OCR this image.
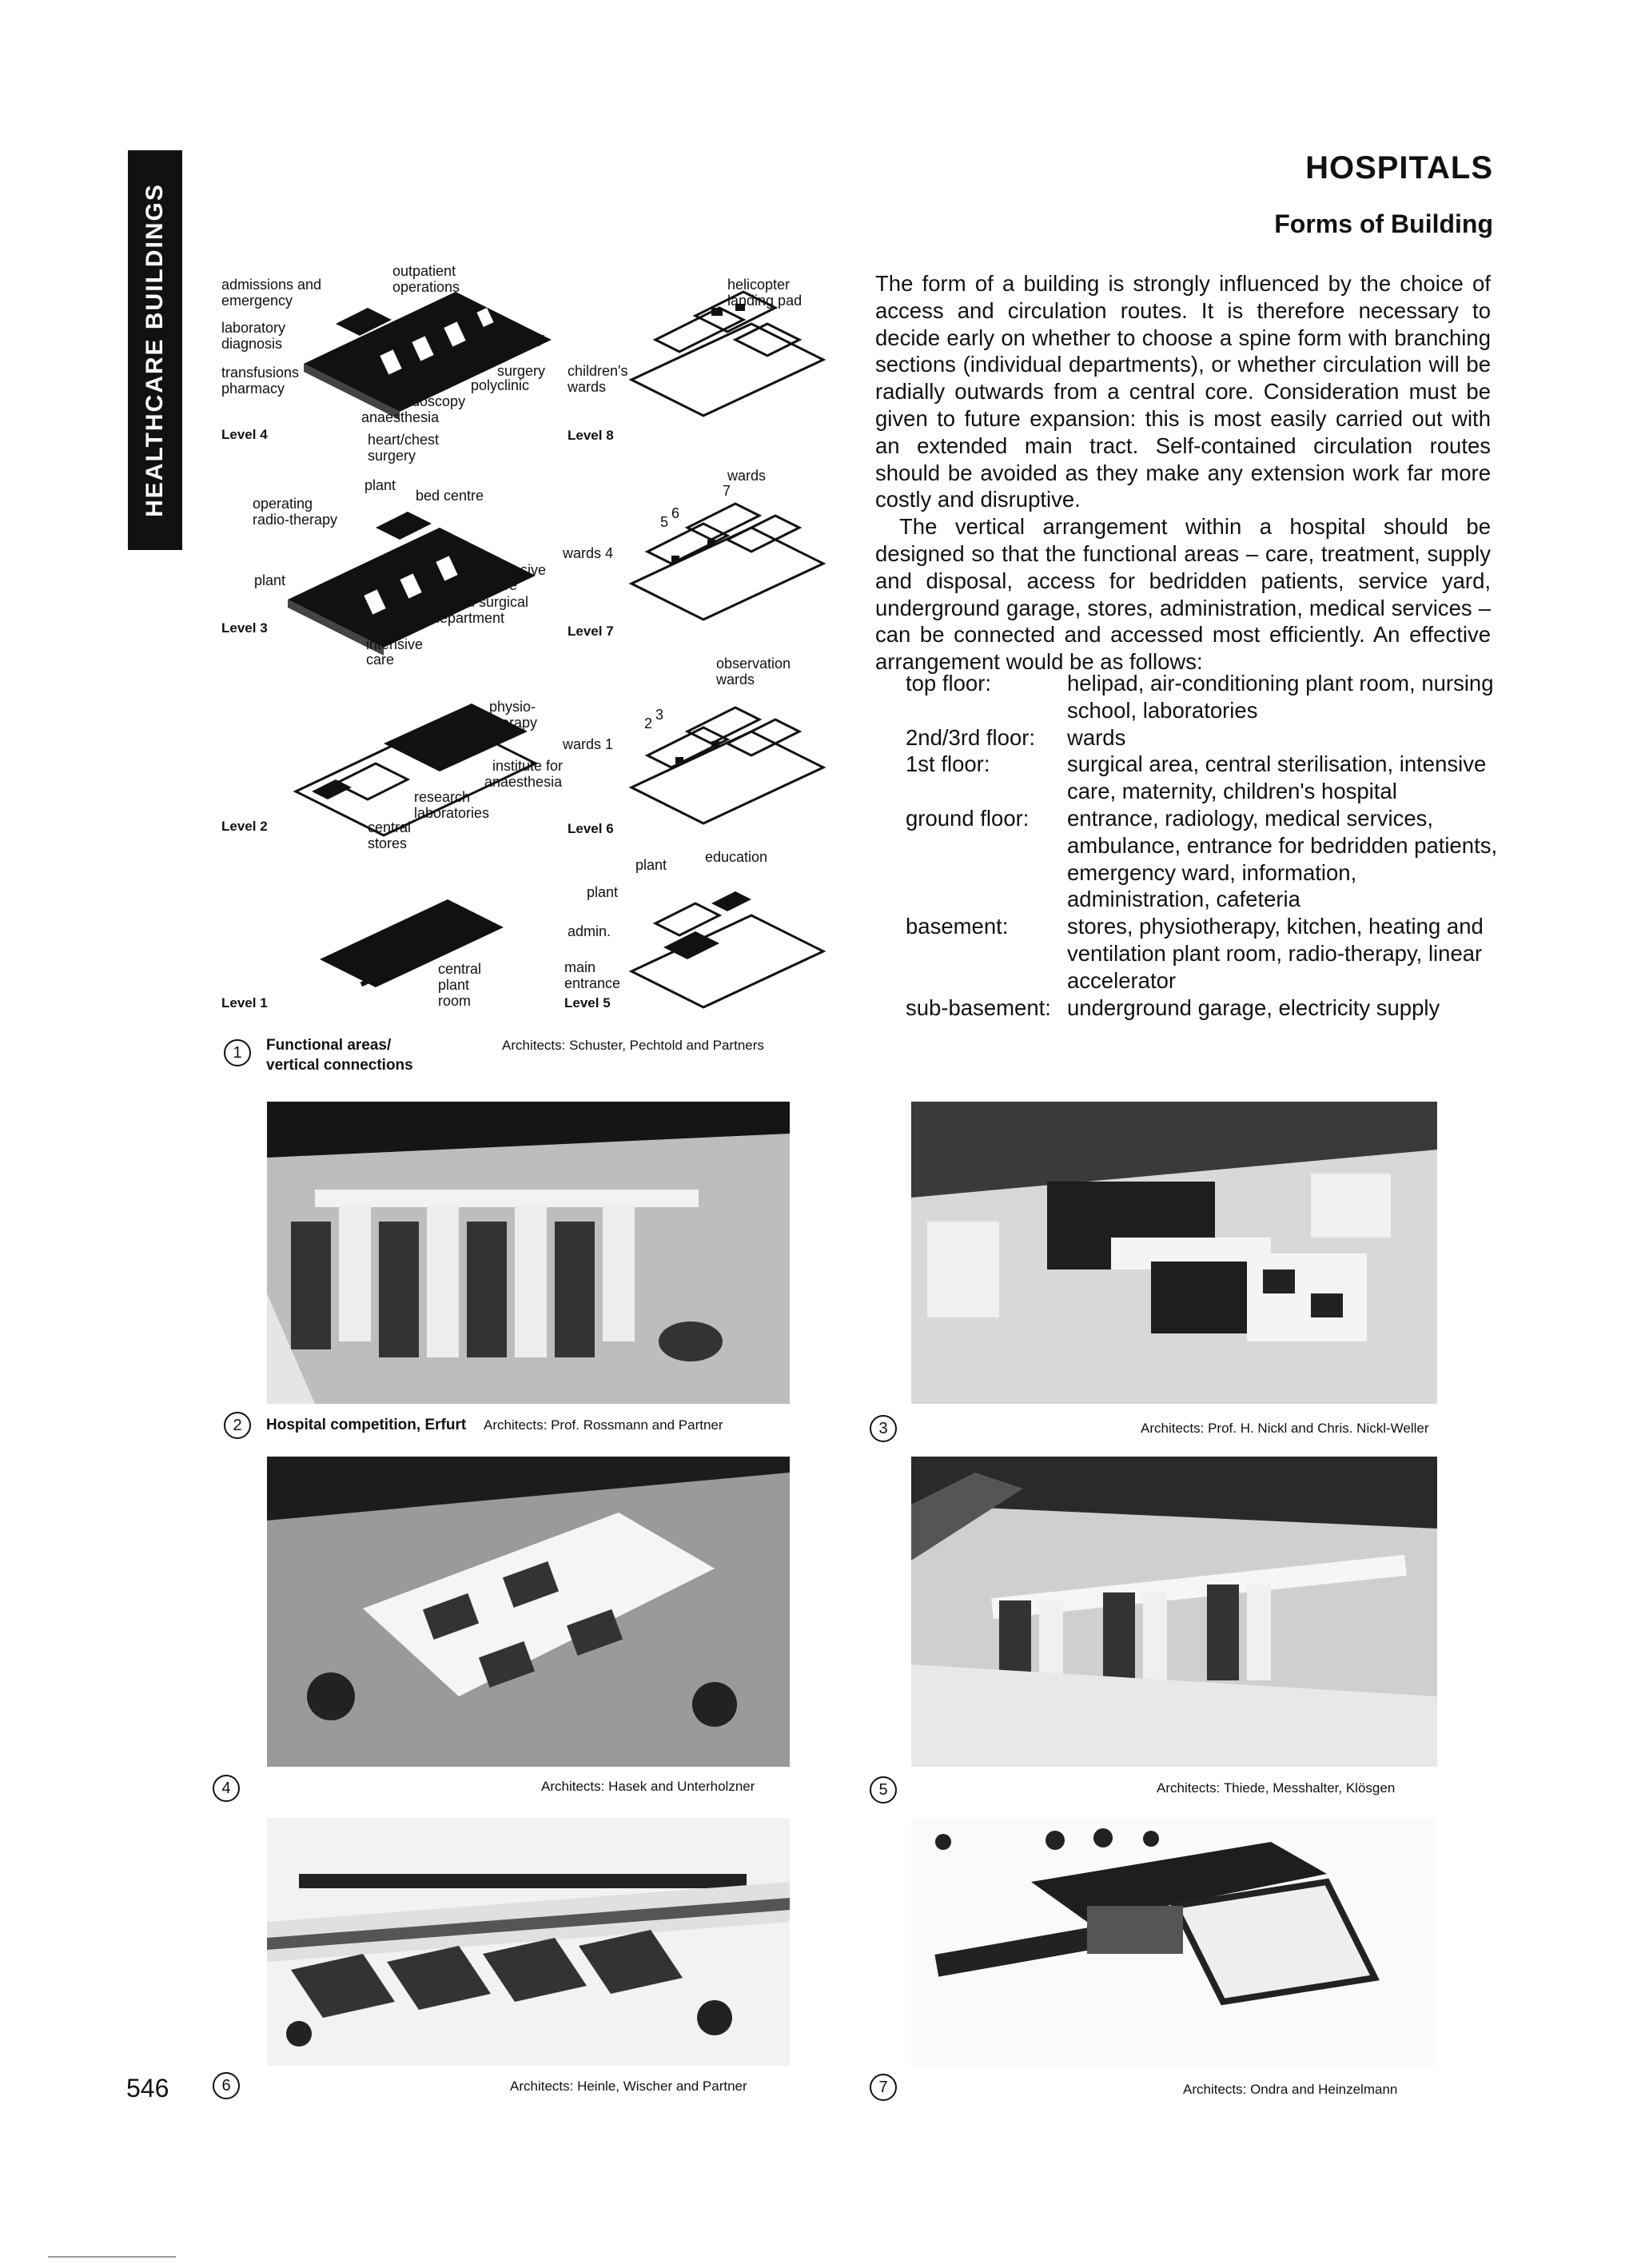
HEALTHCARE BUILDINGS
HOSPITALS
Forms of Building

The form of a building is strongly influenced by the choice of access and circulation routes. It is therefore necessary to decide early on whether to choose a spine form with branching sections (individual departments), or whether circulation will be radially outwards from a central core. Consideration must be given to future expansion: this is most easily carried out with an extended main tract. Self-contained circulation routes should be avoided as they make any extension work far more costly and disruptive.

The vertical arrangement within a hospital should be designed so that the functional areas – care, treatment, supply and disposal, access for bedridden patients, service yard, underground garage, stores, administration, medical services – can be connected and accessed most efficiently. An effective arrangement would be as follows:

top floor:	helipad, air-conditioning plant room, nursing school, laboratories
2nd/3rd floor:	wards
1st floor:	surgical area, central sterilisation, intensive care, maternity, children's hospital
ground floor:	entrance, radiology, medical services, ambulance, entrance for bedridden patients, emergency ward, information, administration, cafeteria
basement:	stores, physiotherapy, kitchen, heating and ventilation plant room, radio-therapy, linear accelerator
sub-basement: underground garage, electricity supply
admissions and
emergency
outpatient
operations
laboratory
diagnosis	radiology
transfusions
pharmacy
surgery
polyclinic
endoscopy
anaesthesia
heart/chest
surgery
Level 4
plant
bed centre
operating
radio-therapy
plant
intensive
care
central surgical
department
intensive
care
Level 3
physio-
therapy
institute for
anaesthesia
research
laboratories
central
stores
Level 2
central
plant
room
Level 1
helicopter
landing pad
children's
wards
Level 8
wards
7
5
6
wards 4
Level 7
observation
wards
2
3
wards 1
Level 6
plant	education
plant
admin.
main
entrance
Level 5
1	Functional areas/
vertical connections
Architects: Schuster, Pechtold and Partners
2	Hospital competition, Erfurt Architects: Prof. Rossmann and Partner	3	Architects: Prof. H. Nickl and Chris. Nickl-Weller
4	Architects: Hasek and Unterholzner	5	Architects: Thiede, Messhalter, Klösgen
6	Architects: Heinle, Wischer and Partner	7	Architects: Ondra and Heinzelmann
546
